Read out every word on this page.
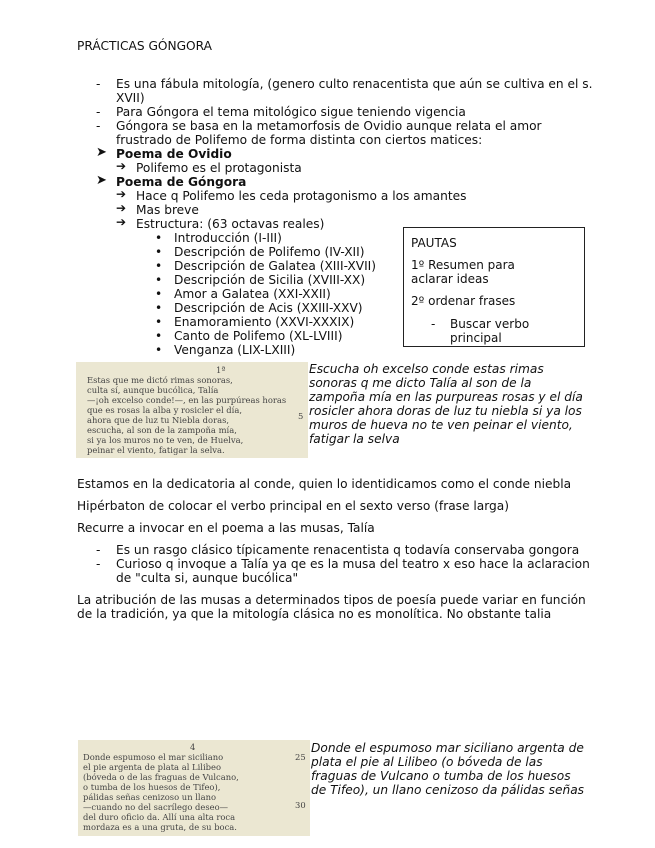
PRÁCTICAS GÓNGORA
- Es una fábula mitología, (genero culto renacentista que aún se cultiva en el s.
XVII)
- Para Góngora el tema mitológico sigue teniendo vigencia
- Góngora se basa en la metamorfosis de Ovidio aunque relata el amor
frustrado de Polifemo de forma distinta con ciertos matices:
➤ Poema de Ovidio
➔ Polifemo es el protagonista
➤ Poema de Góngora
➔ Hace q Polifemo les ceda protagonismo a los amantes
➔ Mas breve
➔ Estructura: (63 octavas reales)
• Introducción (I-III)
• Descripción de Polifemo (IV-XII)
• Descripción de Galatea (XIII-XVII)
• Descripción de Sicilia (XVIII-XX)
• Amor a Galatea (XXI-XXII)
• Descripción de Acis (XXIII-XXV)
• Enamoramiento (XXVI-XXXIX)
• Canto de Polifemo (XL-LVIII)
• Venganza (LIX-LXIII)
PAUTAS
1º Resumen para
aclarar ideas
2º ordenar frases
- Buscar verbo
principal
1ª
5
Estas que me dictó rimas sonoras,
culta sí, aunque bucólica, Talía
—¡oh excelso conde!—, en las purpúreas horas
que es rosas la alba y rosicler el día,
ahora que de luz tu Niebla doras,
escucha, al son de la zampoña mía,
si ya los muros no te ven, de Huelva,
peinar el viento, fatigar la selva.
Escucha oh excelso conde estas rimas
sonoras q me dicto Talía al son de la
zampoña mía en las purpureas rosas y el día
rosicler ahora doras de luz tu niebla si ya los
muros de hueva no te ven peinar el viento,
fatigar la selva
Estamos en la dedicatoria al conde, quien lo identidicamos como el conde niebla
Hipérbaton de colocar el verbo principal en el sexto verso (frase larga)
Recurre a invocar en el poema a las musas, Talía
- Es un rasgo clásico típicamente renacentista q todavía conservaba gongora
- Curioso q invoque a Talía ya qe es la musa del teatro x eso hace la aclaracion
de "culta si, aunque bucólica"
La atribución de las musas a determinados tipos de poesía puede variar en función
de la tradición, ya que la mitología clásica no es monolítica. No obstante talia
4
25
30
Donde espumoso el mar siciliano
el pie argenta de plata al Lilibeo
(bóveda o de las fraguas de Vulcano,
o tumba de los huesos de Tifeo),
pálidas señas cenizoso un llano
—cuando no del sacrílego deseo—
del duro oficio da. Allí una alta roca
mordaza es a una gruta, de su boca.
Donde el espumoso mar siciliano argenta de
plata el pie al Lilibeo (o bóveda de las
fraguas de Vulcano o tumba de los huesos
de Tifeo), un llano cenizoso da pálidas señas
